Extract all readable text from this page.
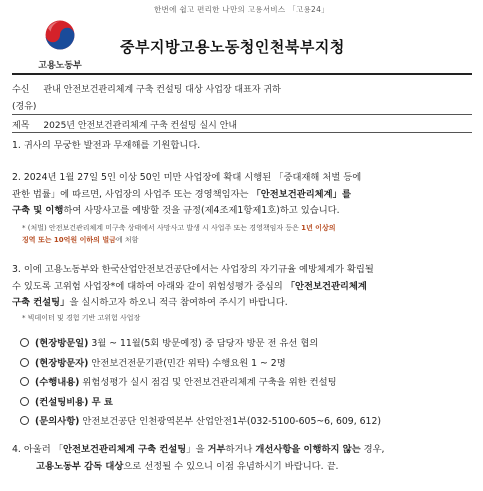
한번에 쉽고 편리한 나만의 고용서비스 「고용24」
고용노동부
중부지방고용노동청인천북부지청
수신 관내 안전보건관리체계 구축 컨설팅 대상 사업장 대표자 귀하
(경유)
제목 2025년 안전보건관리체계 구축 컨설팅 실시 안내
1. 귀사의 무궁한 발전과 무재해를 기원합니다.
2. 2024년 1월 27일 5인 이상 50인 미만 사업장에 확대 시행된 「중대재해 처벌 등에
관한 법률」에 따르면, 사업장의 사업주 또는 경영책임자는 「안전보건관리체계」를
구축 및 이행하여 사망사고를 예방할 것을 규정(제4조제1항제1호)하고 있습니다.
* (처벌) 안전보건관리체계 미구축 상태에서 사망사고 발생 시 사업주 또는 경영책임자 등은 1년 이상의
징역 또는 10억원 이하의 벌금에 처함
3. 이에 고용노동부와 한국산업안전보건공단에서는 사업장의 자기규율 예방체계가 확립될
수 있도록 고위험 사업장*에 대하여 아래와 같이 위험성평가 중심의 「안전보건관리체계
구축 컨설팅」을 실시하고자 하오니 적극 참여하여 주시기 바랍니다.
* 빅데이터 및 경험 기반 고위험 사업장
(현장방문일) 3월 ~ 11월(5회 방문예정) 중 담당자 방문 전 유선 협의
(현장방문자) 안전보건전문기관(민간 위탁) 수행요원 1 ~ 2명
(수행내용) 위험성평가 실시 점검 및 안전보건관리체계 구축을 위한 컨설팅
(컨설팅비용) 무 료
(문의사항) 안전보건공단 인천광역본부 산업안전1부(032-5100-605~6, 609, 612)
4. 아울러 「안전보건관리체계 구축 컨설팅」을 거부하거나 개선사항을 이행하지 않는 경우,
고용노동부 감독 대상으로 선정될 수 있으니 이점 유념하시기 바랍니다. 끝.
